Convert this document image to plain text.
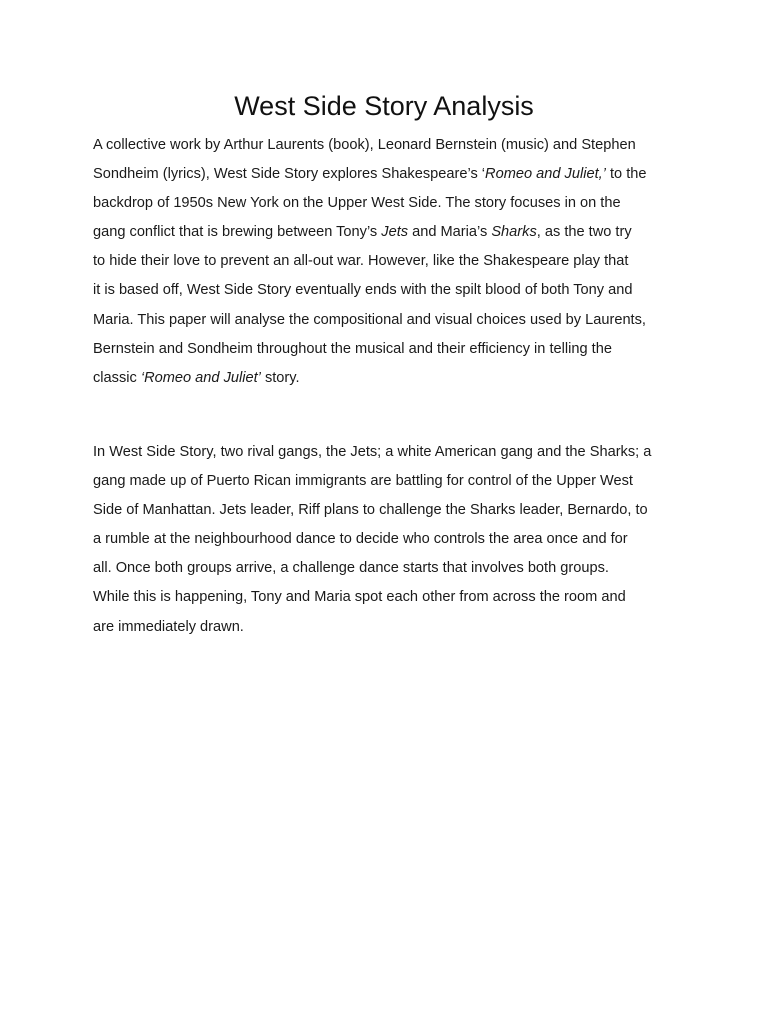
West Side Story Analysis

A collective work by Arthur Laurents (book), Leonard Bernstein (music) and Stephen
Sondheim (lyrics), West Side Story explores Shakespeare’s ‘Romeo and Juliet,’ to the
backdrop of 1950s New York on the Upper West Side. The story focuses in on the
gang conflict that is brewing between Tony’s Jets and Maria’s Sharks, as the two try
to hide their love to prevent an all-out war. However, like the Shakespeare play that
it is based off, West Side Story eventually ends with the spilt blood of both Tony and
Maria. This paper will analyse the compositional and visual choices used by Laurents,
Bernstein and Sondheim throughout the musical and their efficiency in telling the
classic ‘Romeo and Juliet’ story.

In West Side Story, two rival gangs, the Jets; a white American gang and the Sharks; a
gang made up of Puerto Rican immigrants are battling for control of the Upper West
Side of Manhattan. Jets leader, Riff plans to challenge the Sharks leader, Bernardo, to
a rumble at the neighbourhood dance to decide who controls the area once and for
all. Once both groups arrive, a challenge dance starts that involves both groups.
While this is happening, Tony and Maria spot each other from across the room and
are immediately drawn.
